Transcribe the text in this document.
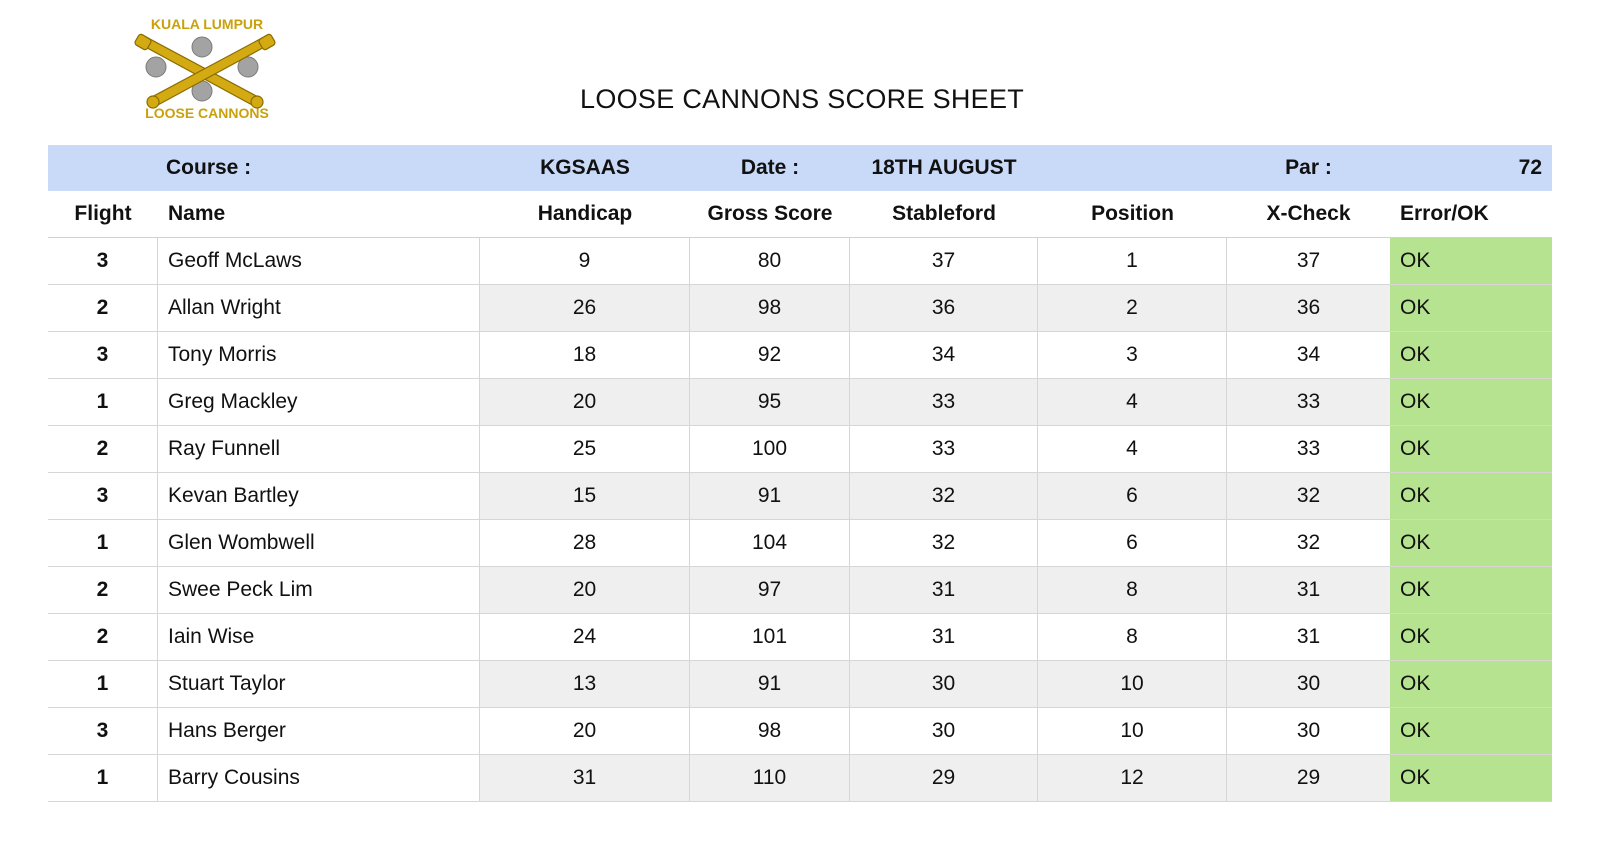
KUALA LUMPUR
LOOSE CANNONS	LOOSE CANNONS SCORE SHEET
Course :	KGSAAS	Date :	18TH AUGUST	Par :	72
Flight	Name	Handicap	Gross Score	Stableford	Position	X-Check	Error/OK
3	Geoff McLaws	9	80	37	1	37	OK
2	Allan Wright	26	98	36	2	36	OK
3	Tony Morris	18	92	34	3	34	OK
1	Greg Mackley	20	95	33	4	33	OK
2	Ray Funnell	25	100	33	4	33	OK
3	Kevan Bartley	15	91	32	6	32	OK
1	Glen Wombwell	28	104	32	6	32	OK
2	Swee Peck Lim	20	97	31	8	31	OK
2	Iain Wise	24	101	31	8	31	OK
1	Stuart Taylor	13	91	30	10	30	OK
3	Hans Berger	20	98	30	10	30	OK
1	Barry Cousins	31	110	29	12	29	OK
